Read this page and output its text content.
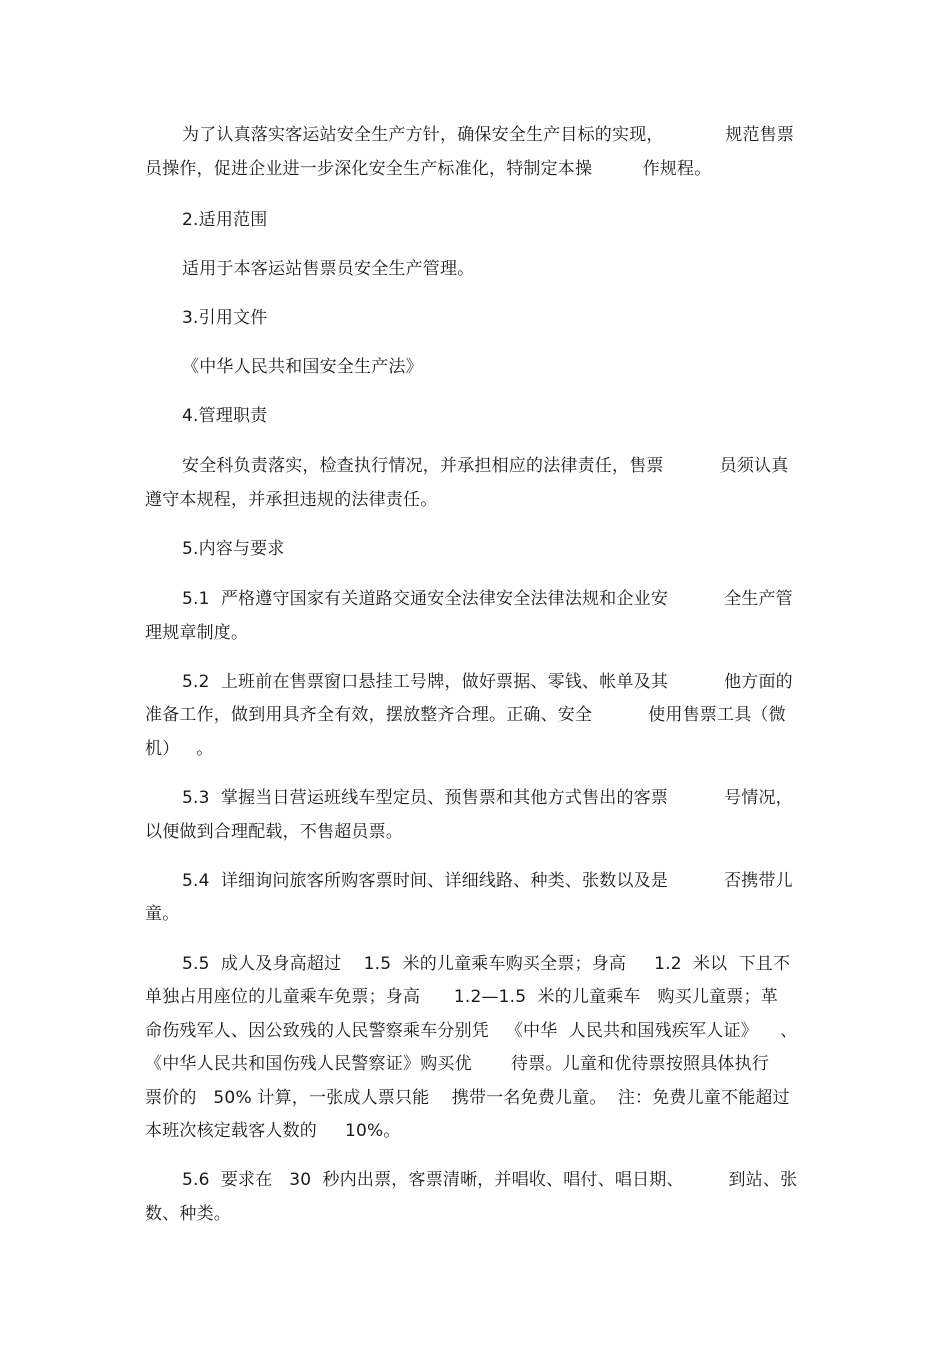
为了认真落实客运站安全生产方针，确保安全生产目标的实现，           规范售票
员操作，促进企业进一步深化安全生产标准化，特制定本操         作规程。
2.适用范围
适用于本客运站售票员安全生产管理。
3.引用文件
《中华人民共和国安全生产法》
4.管理职责
安全科负责落实，检查执行情况，并承担相应的法律责任，售票          员须认真
遵守本规程，并承担违规的法律责任。
5.内容与要求
5.1  严格遵守国家有关道路交通安全法律安全法律法规和企业安          全生产管
理规章制度。
5.2  上班前在售票窗口悬挂工号牌，做好票据、零钱、帐单及其          他方面的
准备工作，做到用具齐全有效，摆放整齐合理。正确、安全          使用售票工具（微
机）   。
5.3  掌握当日营运班线车型定员、预售票和其他方式售出的客票          号情况，
以便做到合理配载，不售超员票。
5.4  详细询问旅客所购客票时间、详细线路、种类、张数以及是          否携带儿
童。
5.5  成人及身高超过    1.5  米的儿童乘车购买全票；身高     1.2  米以  下且不
单独占用座位的儿童乘车免票；身高      1.2—1.5  米的儿童乘车   购买儿童票；革
命伤残军人、因公致残的人民警察乘车分别凭   《中华  人民共和国残疾军人证》    、
《中华人民共和国伤残人民警察证》购买优       待票。儿童和优待票按照具体执行
票价的   50% 计算，一张成人票只能    携带一名免费儿童。  注：免费儿童不能超过
本班次核定载客人数的     10%。
5.6  要求在   30  秒内出票，客票清晰，并唱收、唱付、唱日期、        到站、张
数、种类。
